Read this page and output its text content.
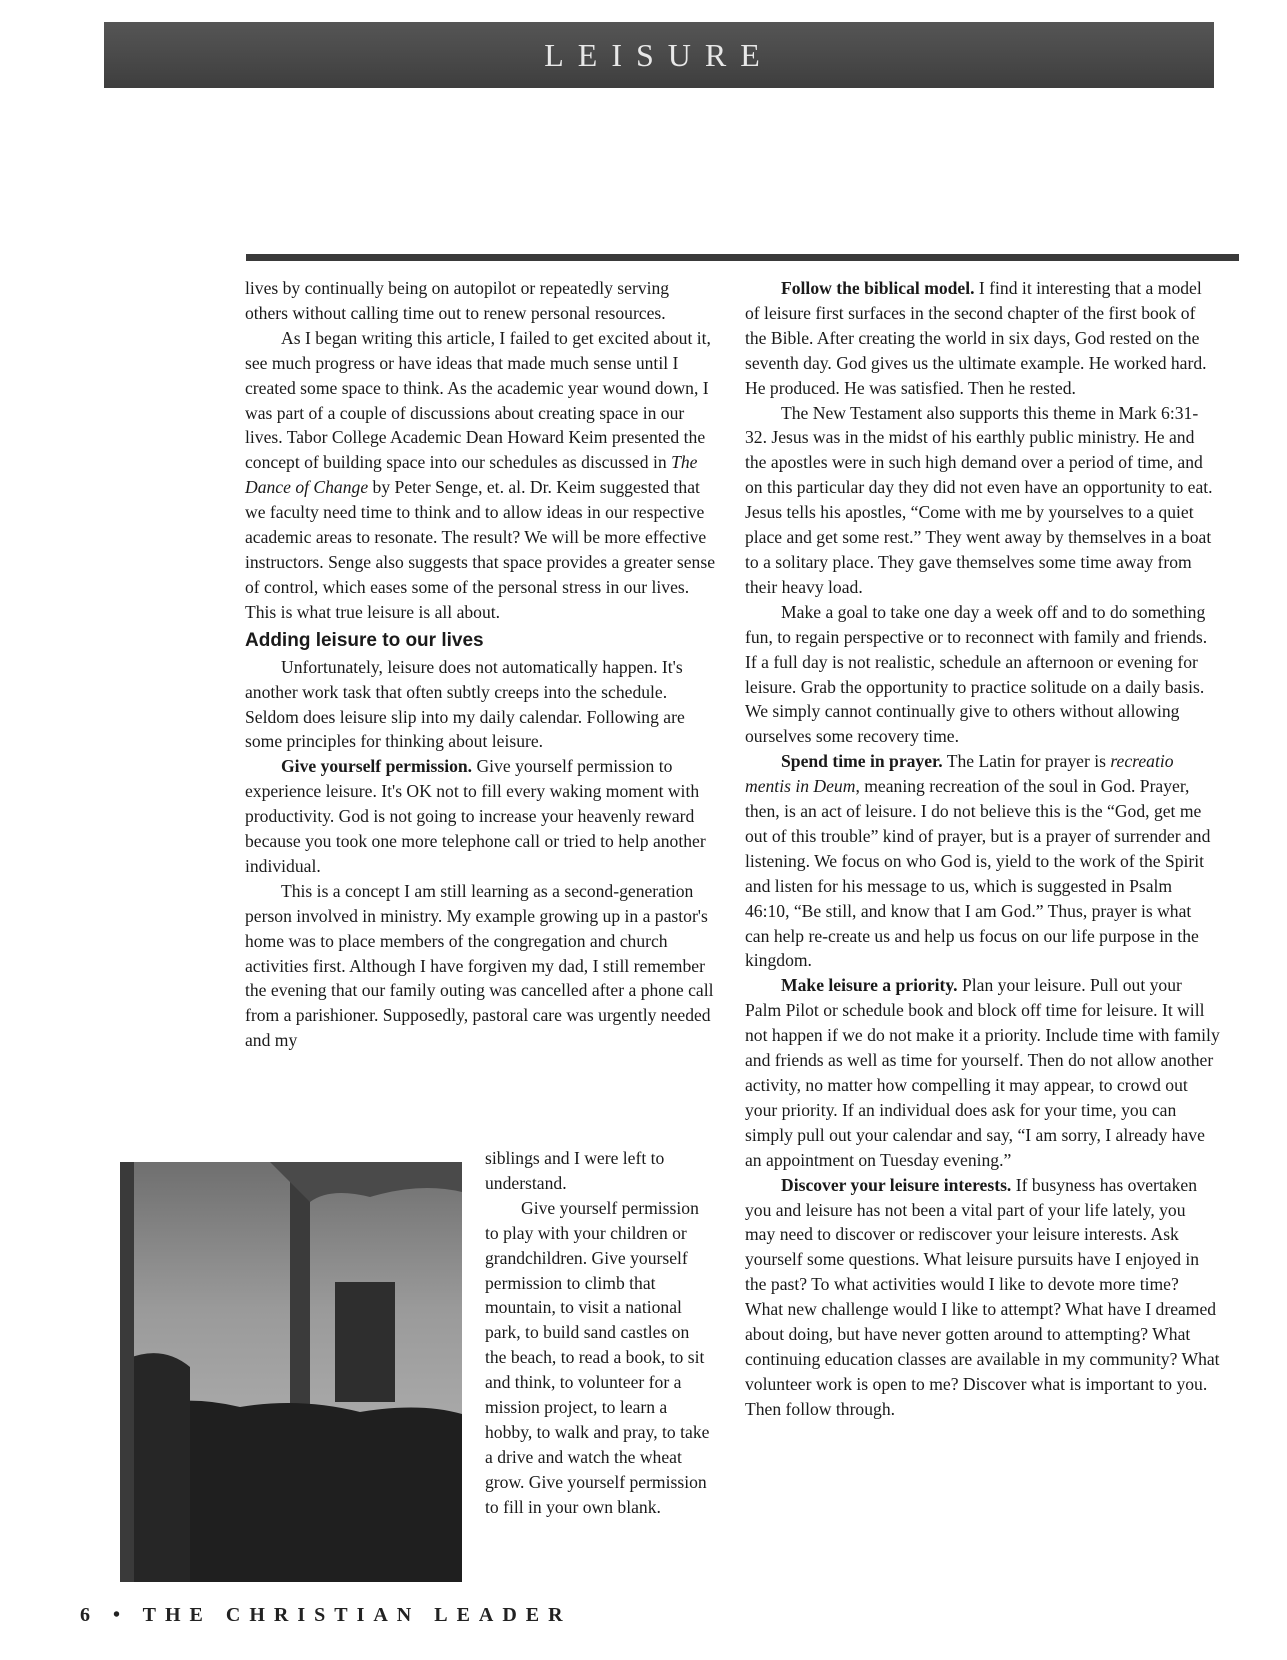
LEISURE

lives by continually being on autopilot or repeatedly serving others without calling time out to renew personal resources.

As I began writing this article, I failed to get excited about it, see much progress or have ideas that made much sense until I created some space to think. As the academic year wound down, I was part of a couple of discussions about creating space in our lives. Tabor College Academic Dean Howard Keim presented the concept of building space into our schedules as discussed in The Dance of Change by Peter Senge, et. al. Dr. Keim suggested that we faculty need time to think and to allow ideas in our respective academic areas to resonate. The result? We will be more effective instructors. Senge also suggests that space provides a greater sense of control, which eases some of the personal stress in our lives. This is what true leisure is all about.

Adding leisure to our lives

Unfortunately, leisure does not automatically happen. It's another work task that often subtly creeps into the schedule. Seldom does leisure slip into my daily calendar. Following are some principles for thinking about leisure.

Give yourself permission. Give yourself permission to experience leisure. It's OK not to fill every waking moment with productivity. God is not going to increase your heavenly reward because you took one more telephone call or tried to help another individual.

This is a concept I am still learning as a second-generation person involved in ministry. My example growing up in a pastor's home was to place members of the congregation and church activities first. Although I have forgiven my dad, I still remember the evening that our family outing was cancelled after a phone call from a parishioner. Supposedly, pastoral care was urgently needed and my

siblings and I were left to understand.

Give yourself permission to play with your children or grandchildren. Give yourself permission to climb that mountain, to visit a national park, to build sand castles on the beach, to read a book, to sit and think, to volunteer for a mission project, to learn a hobby, to walk and pray, to take a drive and watch the wheat grow. Give yourself permission to fill in your own blank.

Follow the biblical model. I find it interesting that a model of leisure first surfaces in the second chapter of the first book of the Bible. After creating the world in six days, God rested on the seventh day. God gives us the ultimate example. He worked hard. He produced. He was satisfied. Then he rested.

The New Testament also supports this theme in Mark 6:31-32. Jesus was in the midst of his earthly public ministry. He and the apostles were in such high demand over a period of time, and on this particular day they did not even have an opportunity to eat. Jesus tells his apostles, “Come with me by yourselves to a quiet place and get some rest.” They went away by themselves in a boat to a solitary place. They gave themselves some time away from their heavy load.

Make a goal to take one day a week off and to do something fun, to regain perspective or to reconnect with family and friends. If a full day is not realistic, schedule an afternoon or evening for leisure. Grab the opportunity to practice solitude on a daily basis. We simply cannot continually give to others without allowing ourselves some recovery time.

Spend time in prayer. The Latin for prayer is recreatio mentis in Deum, meaning recreation of the soul in God. Prayer, then, is an act of leisure. I do not believe this is the “God, get me out of this trouble” kind of prayer, but is a prayer of surrender and listening. We focus on who God is, yield to the work of the Spirit and listen for his message to us, which is suggested in Psalm 46:10, “Be still, and know that I am God.” Thus, prayer is what can help re-create us and help us focus on our life purpose in the kingdom.

Make leisure a priority. Plan your leisure. Pull out your Palm Pilot or schedule book and block off time for leisure. It will not happen if we do not make it a priority. Include time with family and friends as well as time for yourself. Then do not allow another activity, no matter how compelling it may appear, to crowd out your priority. If an individual does ask for your time, you can simply pull out your calendar and say, “I am sorry, I already have an appointment on Tuesday evening.”

Discover your leisure interests. If busyness has overtaken you and leisure has not been a vital part of your life lately, you may need to discover or rediscover your leisure interests. Ask yourself some questions. What leisure pursuits have I enjoyed in the past? To what activities would I like to devote more time? What new challenge would I like to attempt? What have I dreamed about doing, but have never gotten around to attempting? What continuing education classes are available in my community? What volunteer work is open to me? Discover what is important to you. Then follow through.

6 • THE CHRISTIAN LEADER
